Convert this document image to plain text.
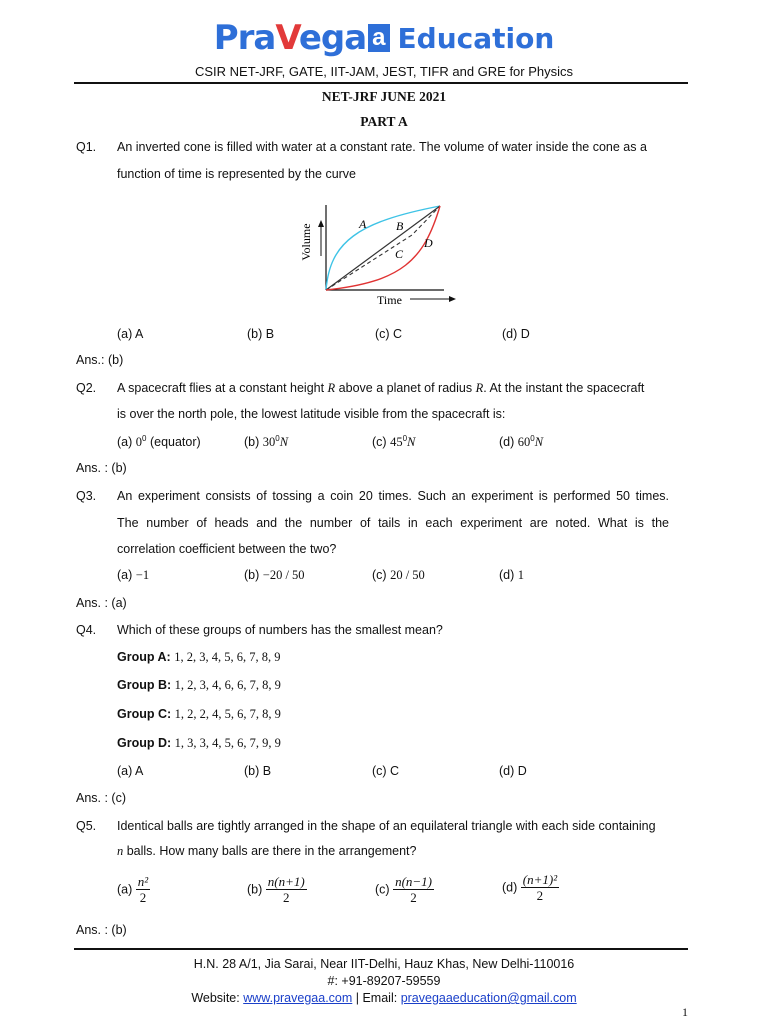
PraVega a Education
CSIR NET-JRF, GATE, IIT-JAM, JEST, TIFR and GRE for Physics
NET-JRF JUNE 2021
PART A
Q1. An inverted cone is filled with water at a constant rate. The volume of water inside the cone as a
function of time is represented by the curve
Volume	A B
C
D
Time
(a) A	(b) B	(c) C	(d) D
Ans.: (b)
Q2. A spacecraft flies at a constant height R above a planet of radius R. At the instant the spacecraft
is over the north pole, the lowest latitude visible from the spacecraft is:
(a) $0^0$ (equator)	(b) $30^0N$	(c) $45^0N$	(d) $60^0N$
Ans. : (b)
Q3. An experiment consists of tossing a coin 20 times. Such an experiment is performed 50 times.
The number of heads and the number of tails in each experiment are noted. What is the
correlation coefficient between the two?
(a) −1	(b) −20 / 50	(c) 20 / 50	(d) 1
Ans. : (a)
Q4. Which of these groups of numbers has the smallest mean?
Group A: 1, 2, 3, 4, 5, 6, 7, 8, 9
Group B: 1, 2, 3, 4, 6, 6, 7, 8, 9
Group C: 1, 2, 2, 4, 5, 6, 7, 8, 9
Group D: 1, 3, 3, 4, 5, 6, 7, 9, 9
(a) A	(b) B	(c) C	(d) D
Ans. : (c)
Q5. Identical balls are tightly arranged in the shape of an equilateral triangle with each side containing
n balls. How many balls are there in the arrangement?
$(a) \frac{\text{n²}}{2}$	$(b) \frac{n(n+1)}{2}$	$(c) \frac{n(n-1)}{2}$	$(d) \frac{\text{(n+1)²}}{2}$
Ans. : (b)
H.N. 28 A/1, Jia Sarai, Near IIT-Delhi, Hauz Khas, New Delhi-110016
#: +91-89207-59559
Website: www.pravegaa.com | Email: pravegaaeducation@gmail.com
1
